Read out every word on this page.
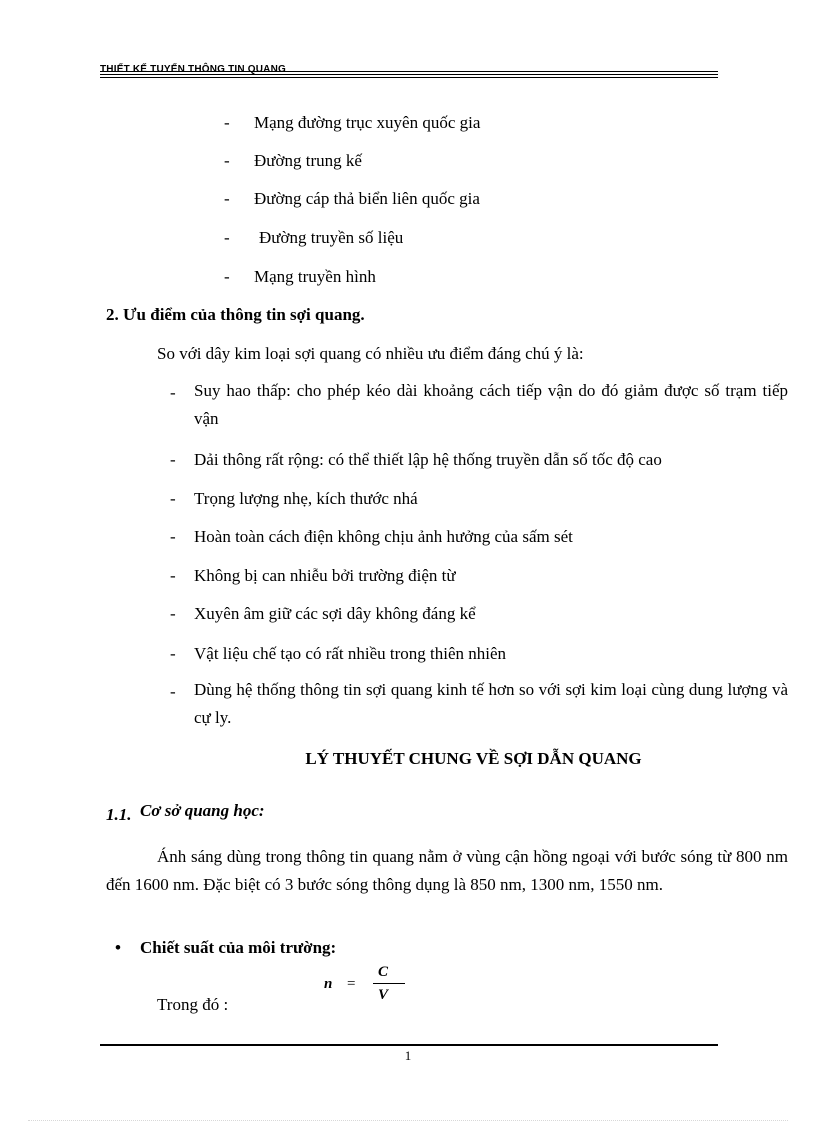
THIẾT KẾ TUYẾN THÔNG TIN QUANG
- Mạng đường trục xuyên quốc gia
- Đường trung kế
- Đường cáp thả biển liên quốc gia
- Đường truyền số liệu
- Mạng truyền hình
2. Ưu điểm của thông tin sợi quang.
So với dây kim loại sợi quang có nhiều ưu điểm đáng chú ý là:
- Suy hao thấp: cho phép kéo dài khoảng cách tiếp vận do đó giảm được số trạm tiếp vận
- Dải thông rất rộng: có thể thiết lập hệ thống truyền dẫn số tốc độ cao
- Trọng lượng nhẹ, kích thước nhá
- Hoàn toàn cách điện không chịu ảnh hưởng của sấm sét
- Không bị can nhiễu bởi trường điện từ
- Xuyên âm giữ các sợi dây không đáng kể
- Vật liệu chế tạo có rất nhiều trong thiên nhiên
- Dùng hệ thống thông tin sợi quang kinh tế hơn so với sợi kim loại cùng dung lượng và cự ly.
LÝ THUYẾT CHUNG VỀ SỢI DẪN QUANG
1.1. Cơ sở quang học:
Ánh sáng dùng trong thông tin quang nằm ở vùng cận hồng ngoại với bước sóng từ 800 nm đến 1600 nm. Đặc biệt có 3 bước sóng thông dụng là 850 nm, 1300 nm, 1550 nm.
• Chiết suất của môi trường:
n =
C
V
Trong đó :
1
